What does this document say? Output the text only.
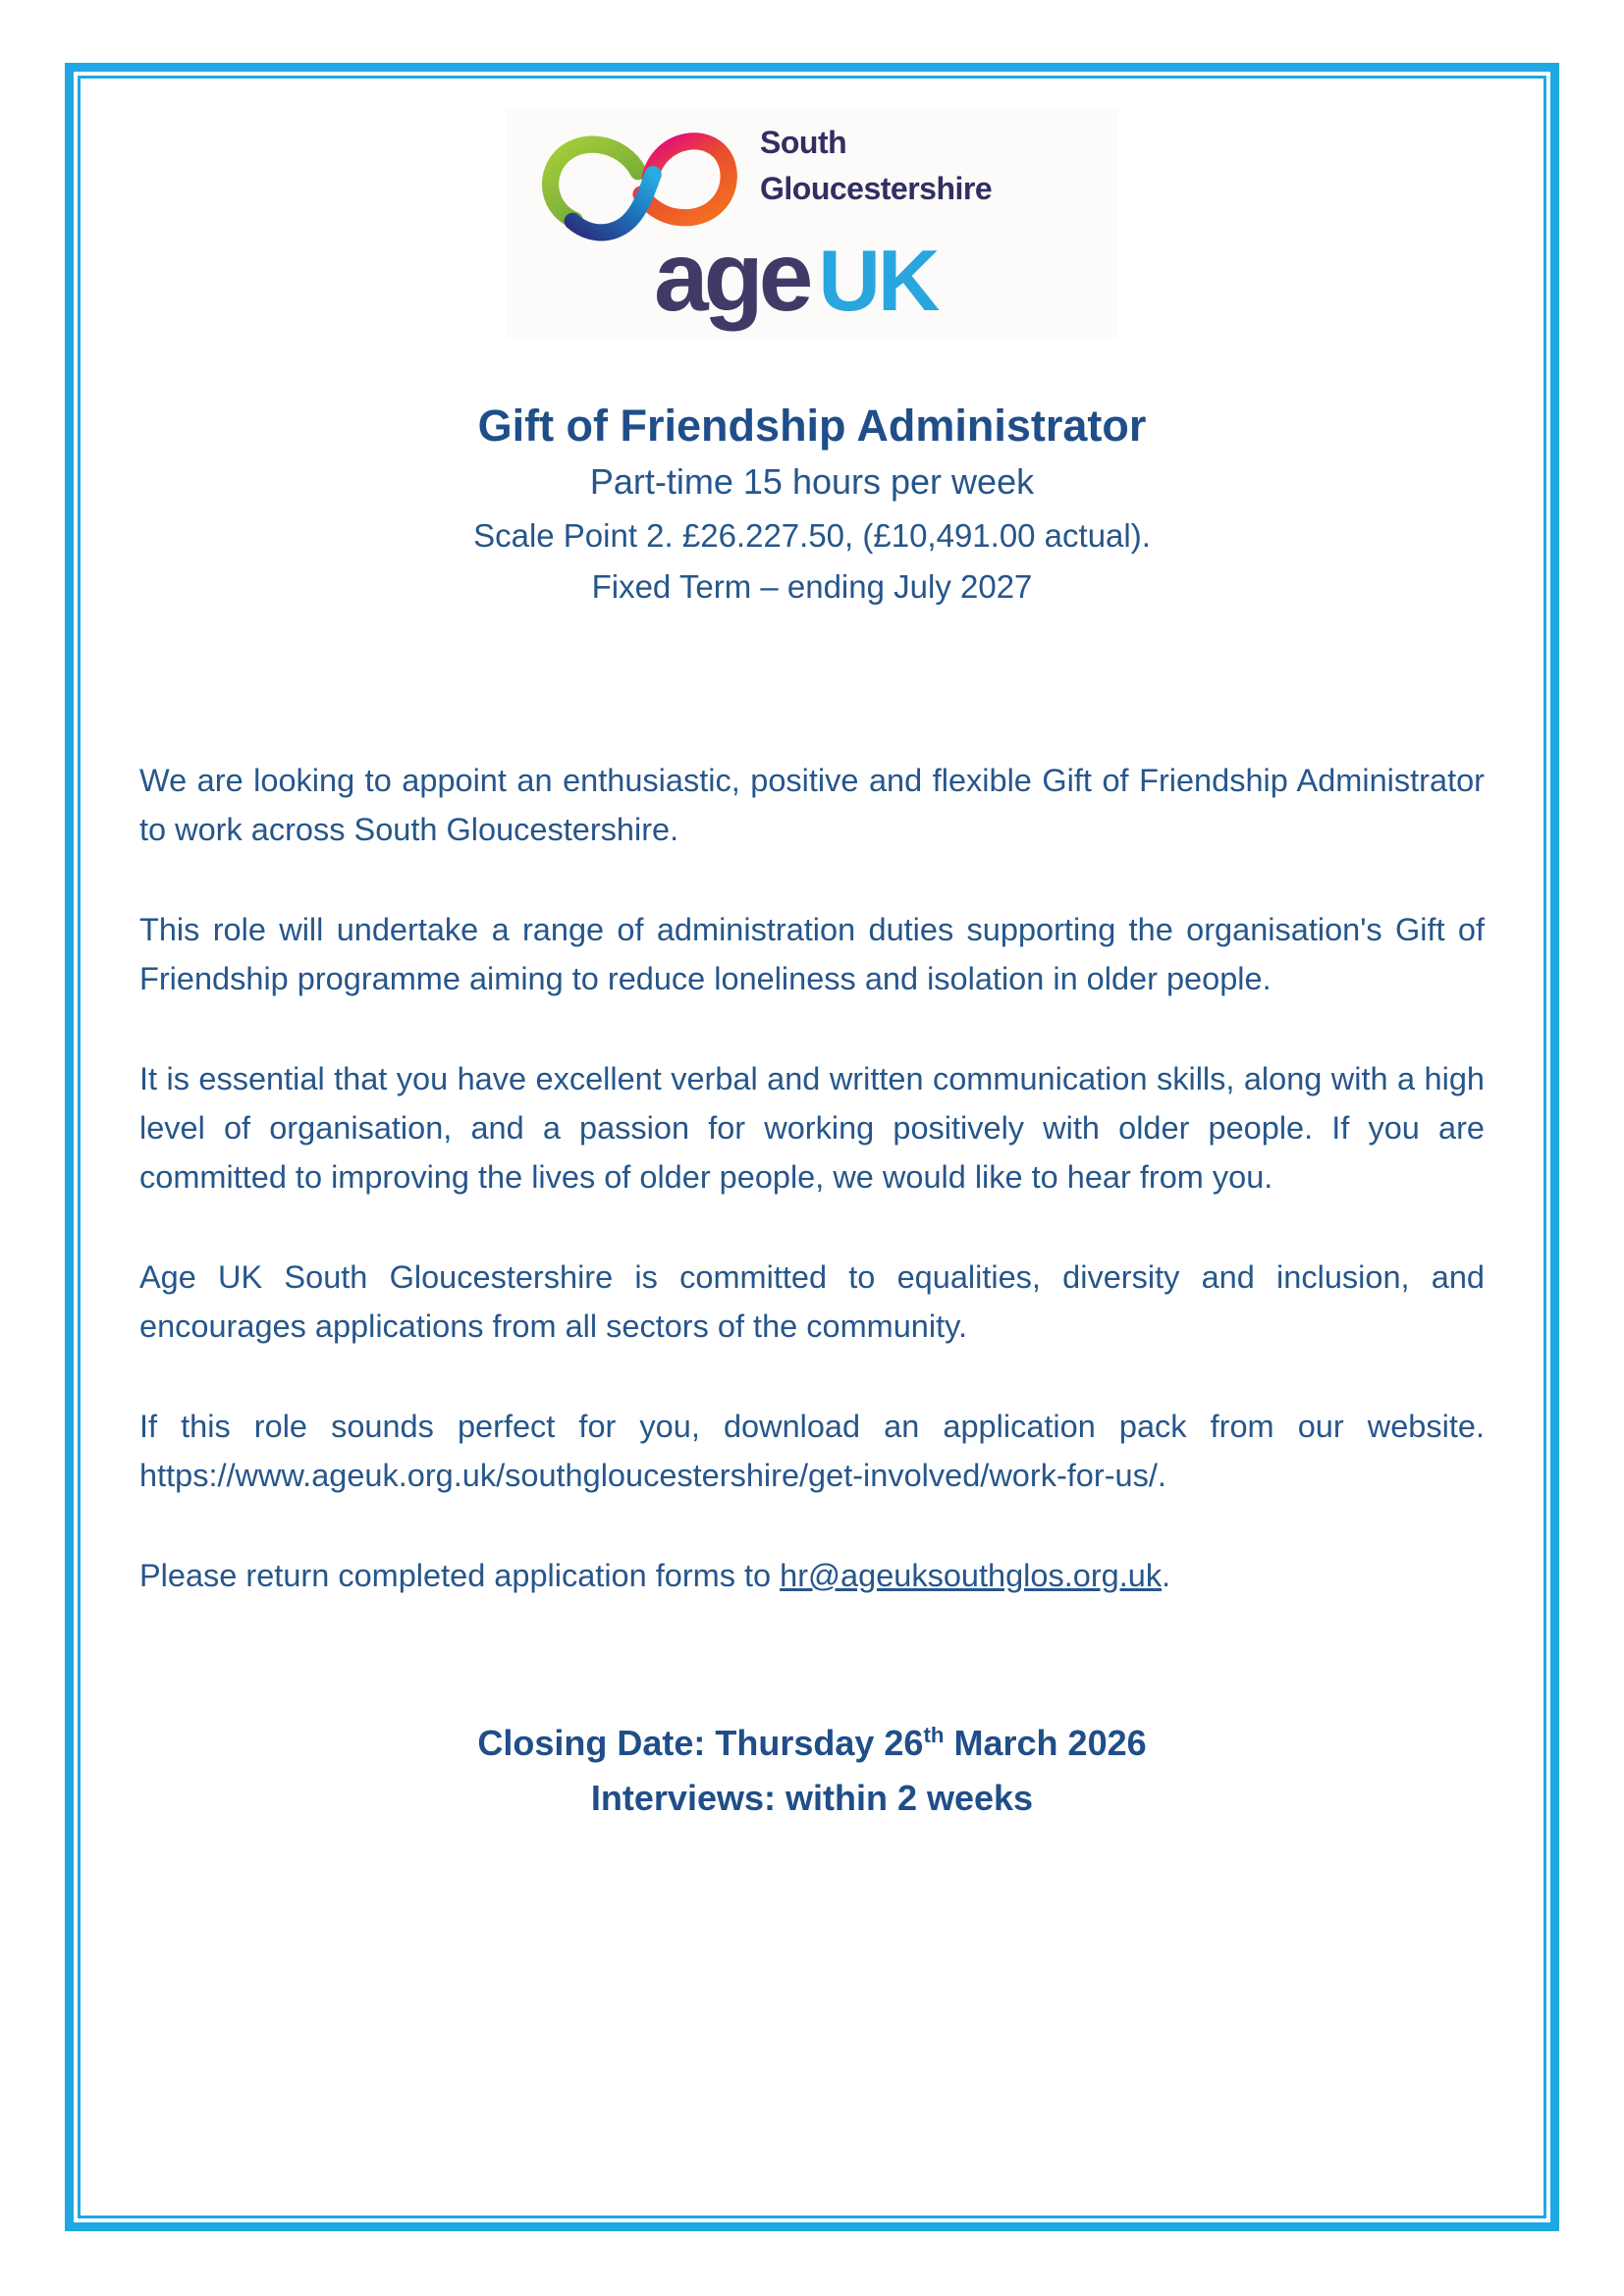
South
Gloucestershire
age UK
Gift of Friendship Administrator
Part-time 15 hours per week
Scale Point 2. £26.227.50, (£10,491.00 actual).
Fixed Term – ending July 2027

We are looking to appoint an enthusiastic, positive and flexible Gift of Friendship Administrator to work across South Gloucestershire.

This role will undertake a range of administration duties supporting the organisation's Gift of Friendship programme aiming to reduce loneliness and isolation in older people.

It is essential that you have excellent verbal and written communication skills, along with a high level of organisation, and a passion for working positively with older people. If you are committed to improving the lives of older people, we would like to hear from you.

Age UK South Gloucestershire is committed to equalities, diversity and inclusion, and encourages applications from all sectors of the community.

If this role sounds perfect for you, download an application pack from our website. https://www.ageuk.org.uk/southgloucestershire/get-involved/work-for-us/.

Please return completed application forms to hr@ageuksouthglos.org.uk.

Closing Date: Thursday 26th March 2026
Interviews: within 2 weeks
